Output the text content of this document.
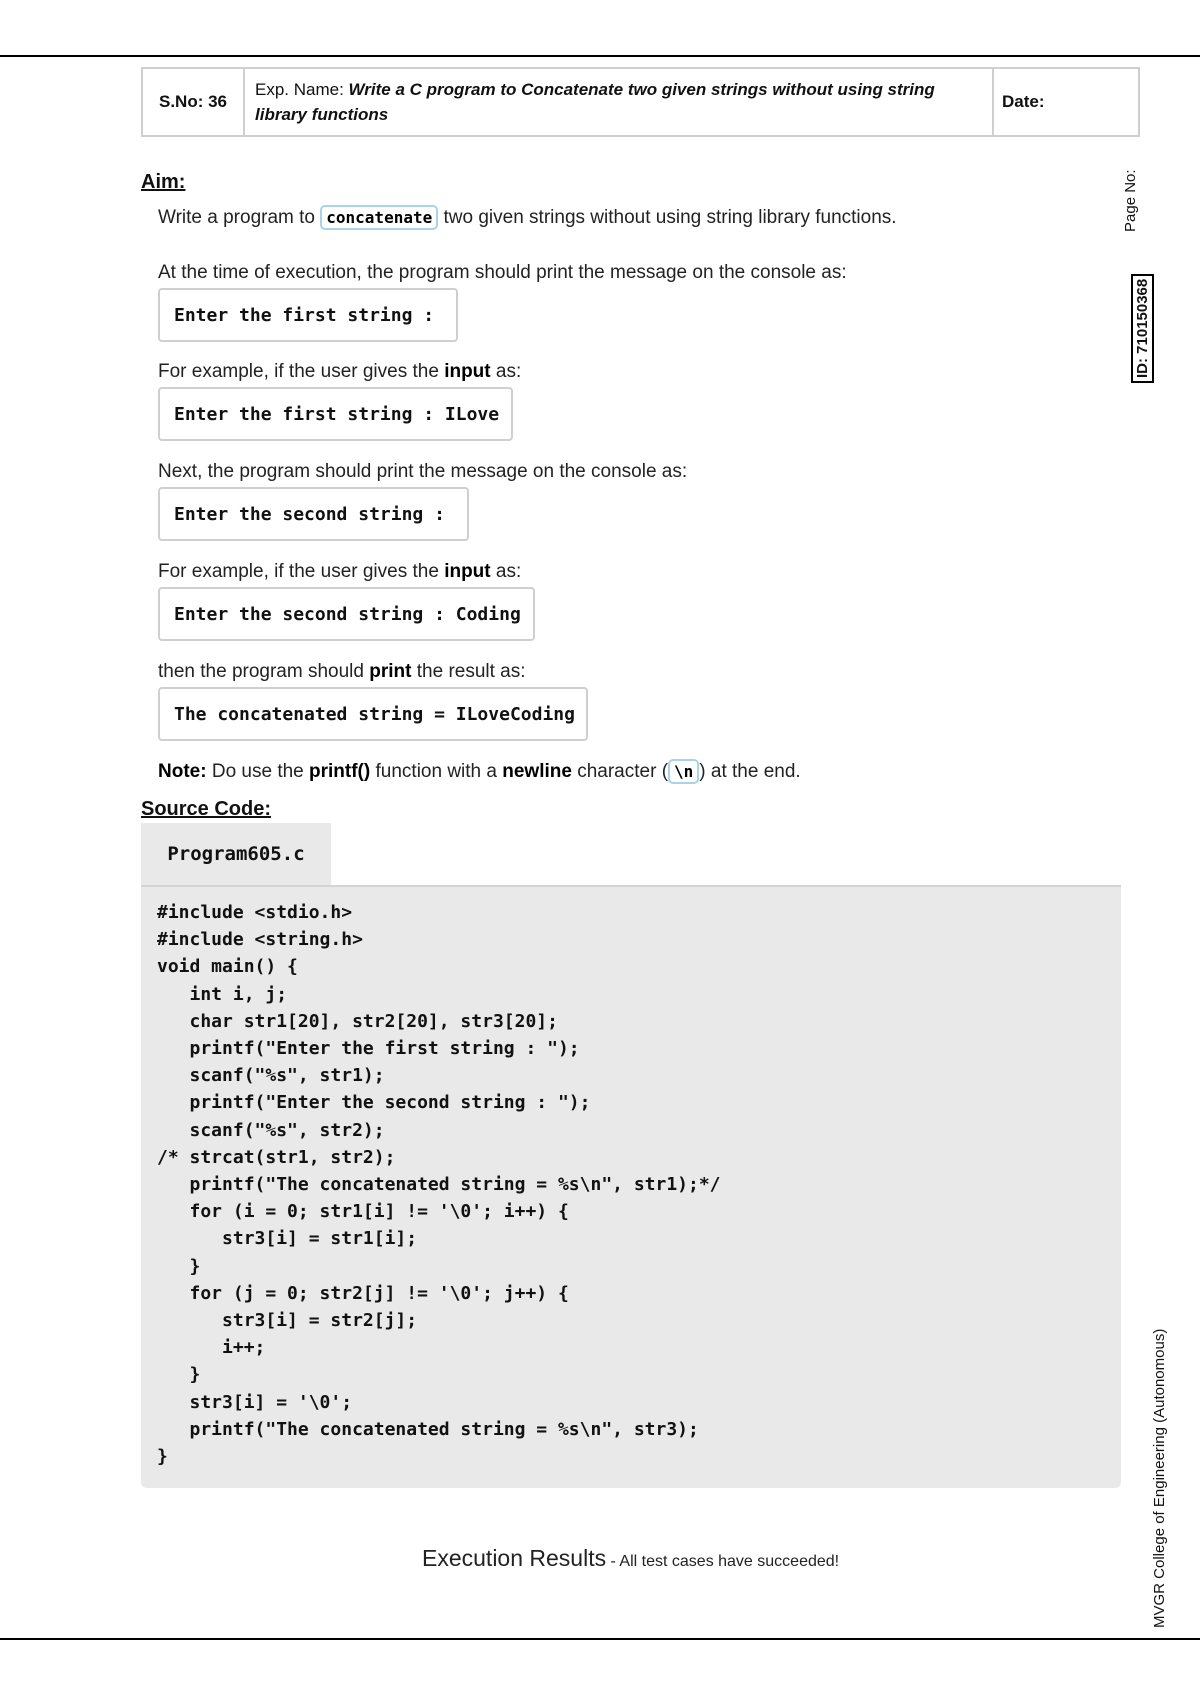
S.No: 36
Exp. Name: Write a C program to Concatenate two given strings without using string library functions
Date:
Page No:
ID: 710150368
MVGR College of Engineering (Autonomous)
Aim:
Write a program to concatenate two given strings without using string library functions.
At the time of execution, the program should print the message on the console as:
Enter the first string :
For example, if the user gives the input as:
Enter the first string : ILove
Next, the program should print the message on the console as:
Enter the second string :
For example, if the user gives the input as:
Enter the second string : Coding
then the program should print the result as:
The concatenated string = ILoveCoding
Note: Do use the printf() function with a newline character ( \n ) at the end.
Source Code:
Program605.c
#include <stdio.h>
#include <string.h>
void main() {
int i, j;
char str1[20], str2[20], str3[20];
printf("Enter the first string : ");
scanf("%s", str1);
printf("Enter the second string : ");
scanf("%s", str2);
/* strcat(str1, str2);
printf("The concatenated string = %s\n", str1);*/
for (i = 0; str1[i] != '\0'; i++) {
str3[i] = str1[i];
}
for (j = 0; str2[j] != '\0'; j++) {
str3[i] = str2[j];
i++;
}
str3[i] = '\0';
printf("The concatenated string = %s\n", str3);
}
Execution Results - All test cases have succeeded!
